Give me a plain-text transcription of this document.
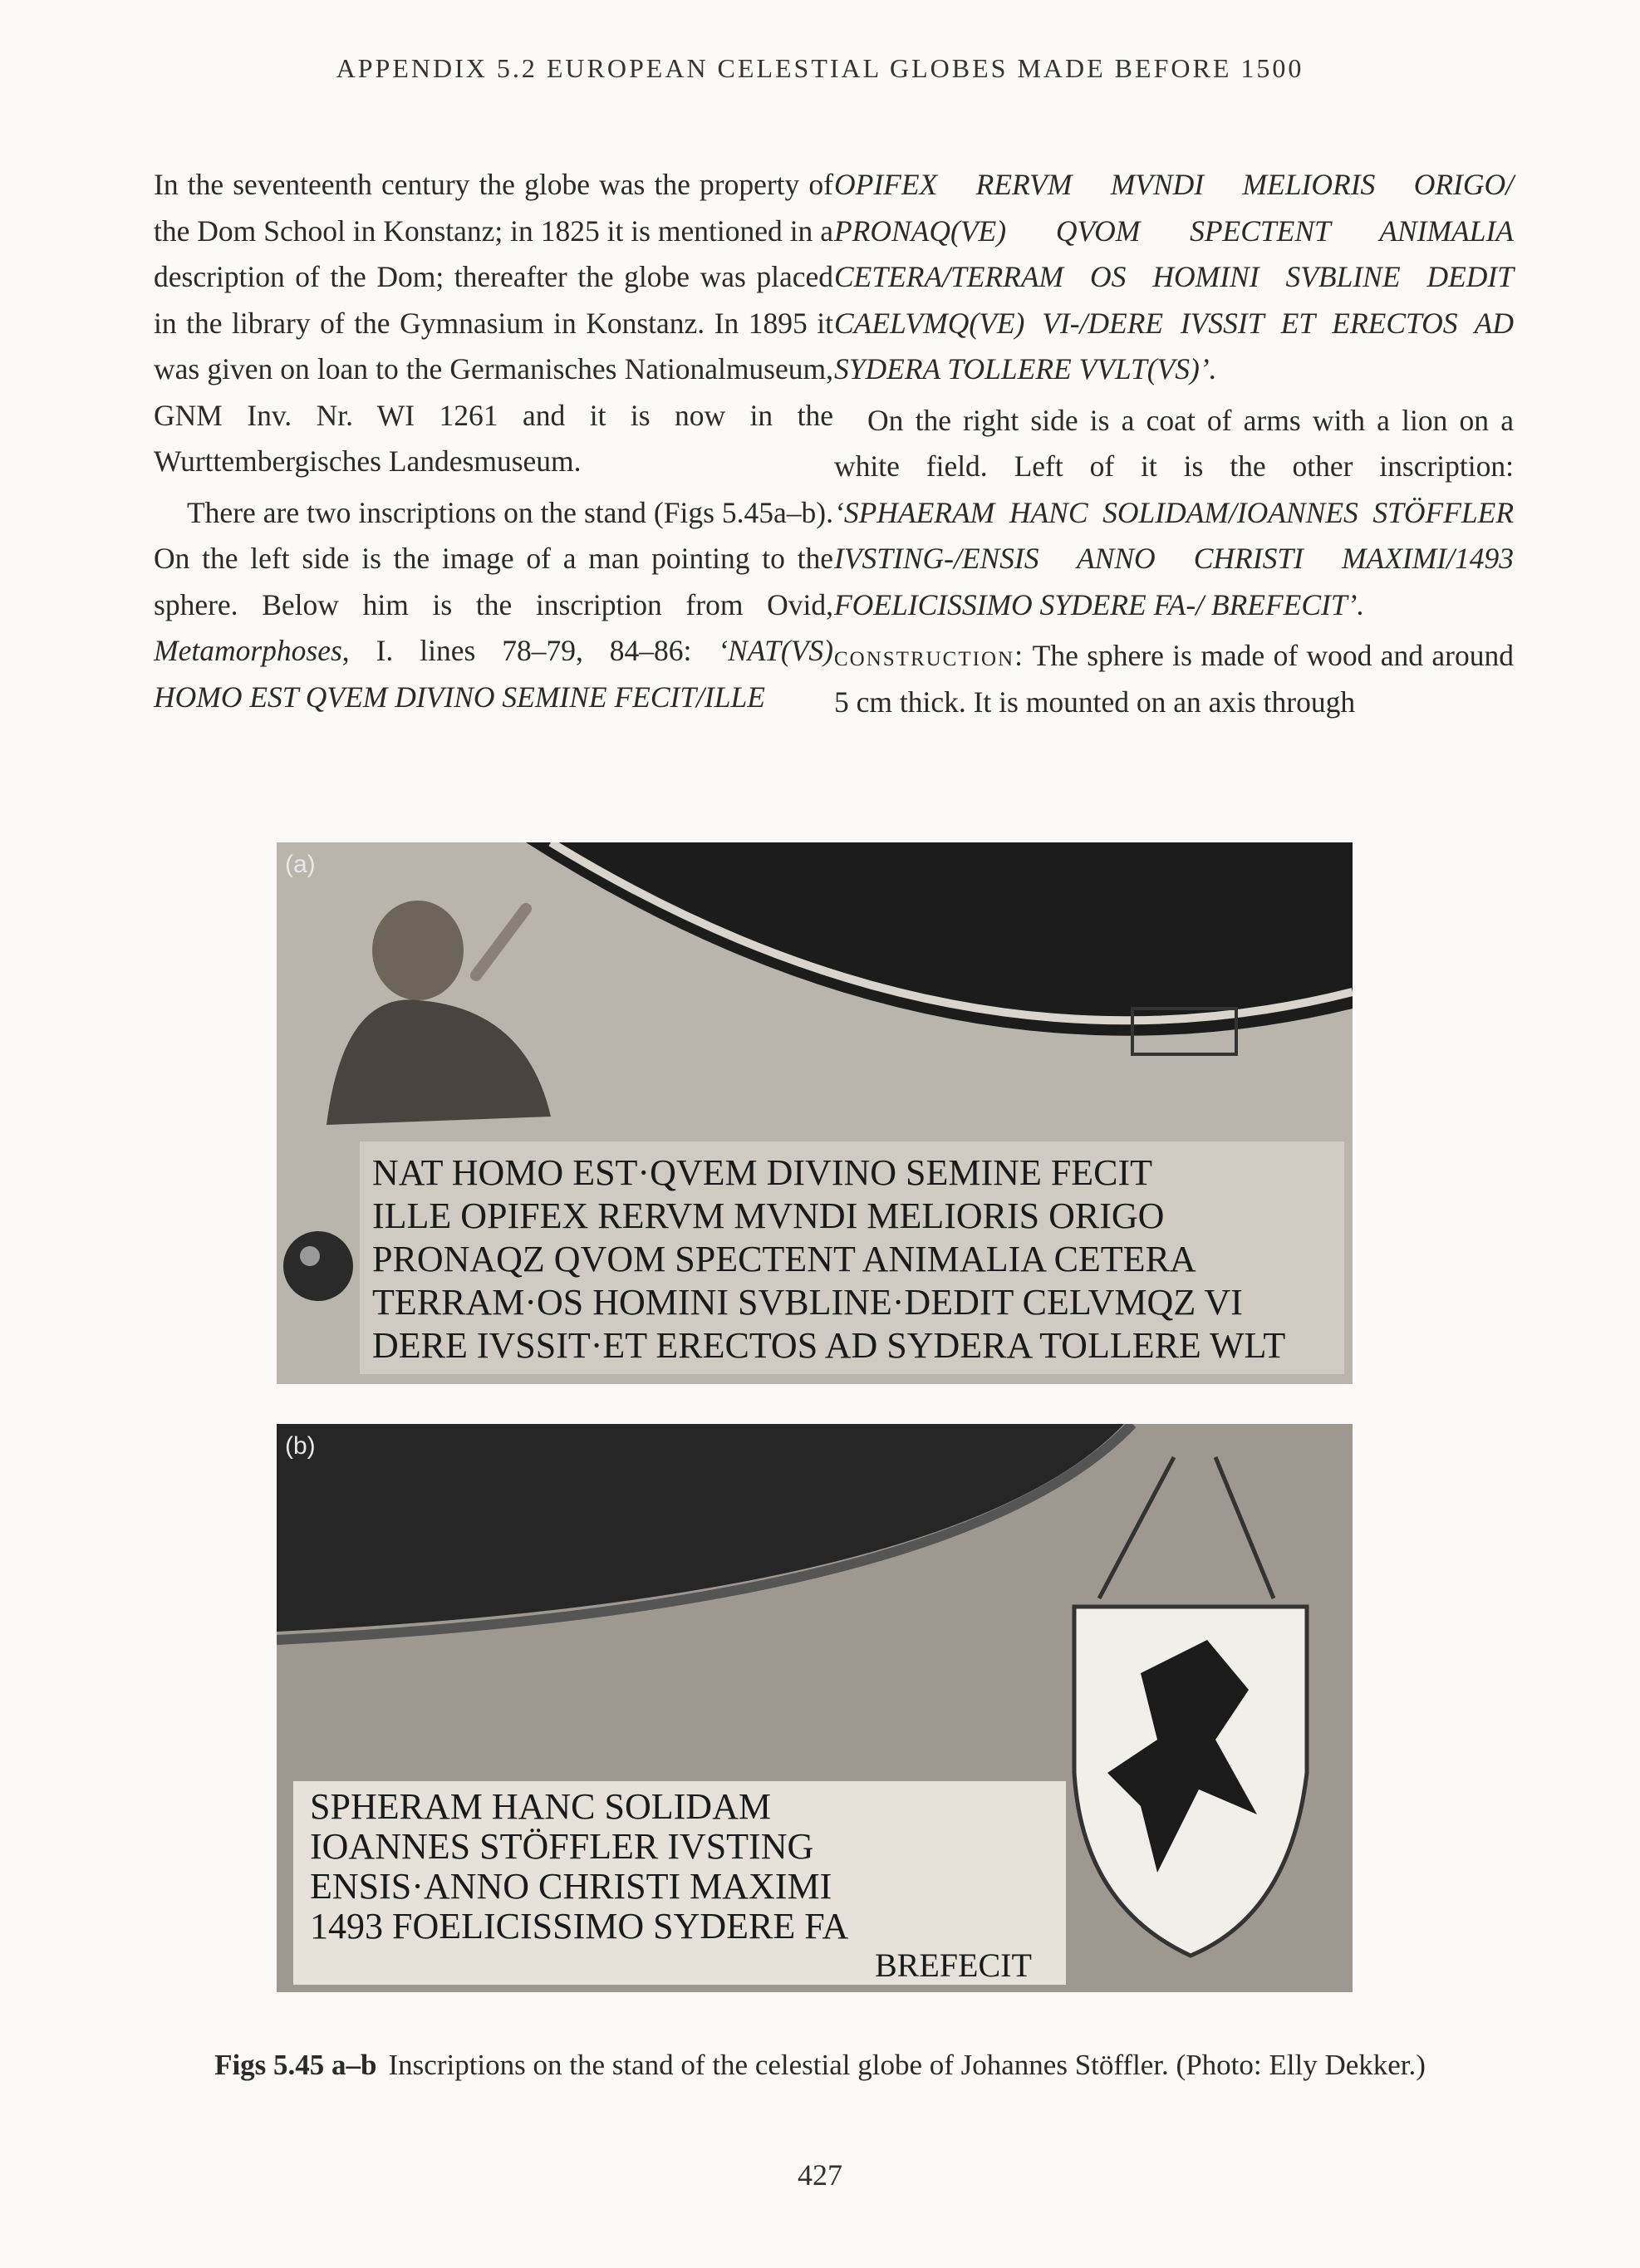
APPENDIX 5.2 EUROPEAN CELESTIAL GLOBES MADE BEFORE 1500

In the seventeenth century the globe was the property of the Dom School in Konstanz; in 1825 it is mentioned in a description of the Dom; thereafter the globe was placed in the library of the Gymnasium in Konstanz. In 1895 it was given on loan to the Germanisches Nationalmuseum, GNM Inv. Nr. WI 1261 and it is now in the Wurttembergisches Landesmuseum.

There are two inscriptions on the stand (Figs 5.45a–b). On the left side is the image of a man pointing to the sphere. Below him is the inscription from Ovid, Metamorphoses, I. lines 78–79, 84–86: ‘NAT(VS) HOMO EST QVEM DIVINO SEMINE FECIT/ILLE

OPIFEX RERVM MVNDI MELIORIS ORIGO/ PRONAQ(VE) QVOM SPECTENT ANIMALIA CETERA/TERRAM OS HOMINI SVBLINE DEDIT CAELVMQ(VE) VI-/DERE IVSSIT ET ERECTOS AD SYDERA TOLLERE VVLT(VS)’.

On the right side is a coat of arms with a lion on a white field. Left of it is the other inscription: ‘SPHAERAM HANC SOLIDAM/IOANNES STÖFFLER IVSTING-/ENSIS ANNO CHRISTI MAXIMI/1493 FOELICISSIMO SYDERE FA-/ BREFECIT’.

construction: The sphere is made of wood and around 5 cm thick. It is mounted on an axis through

NAT HOMO EST·QVEM DIVINO SEMINE FECIT
ILLE OPIFEX RERVM MVNDI MELIORIS ORIGO
PRONAQZ QVOM SPECTENT ANIMALIA CETERA
TERRAM·OS HOMINI SVBLINE·DEDIT CELVMQZ VI
DERE IVSSIT·ET ERECTOS AD SYDERA TOLLERE WLT
(a)
SPHERAM HANC SOLIDAM
IOANNES STÖFFLER IVSTING
ENSIS·ANNO CHRISTI MAXIMI
1493 FOELICISSIMO SYDERE FA
BREFECIT
(b)
Figs 5.45 a–b Inscriptions on the stand of the celestial globe of Johannes Stöffler. (Photo: Elly Dekker.)
427
